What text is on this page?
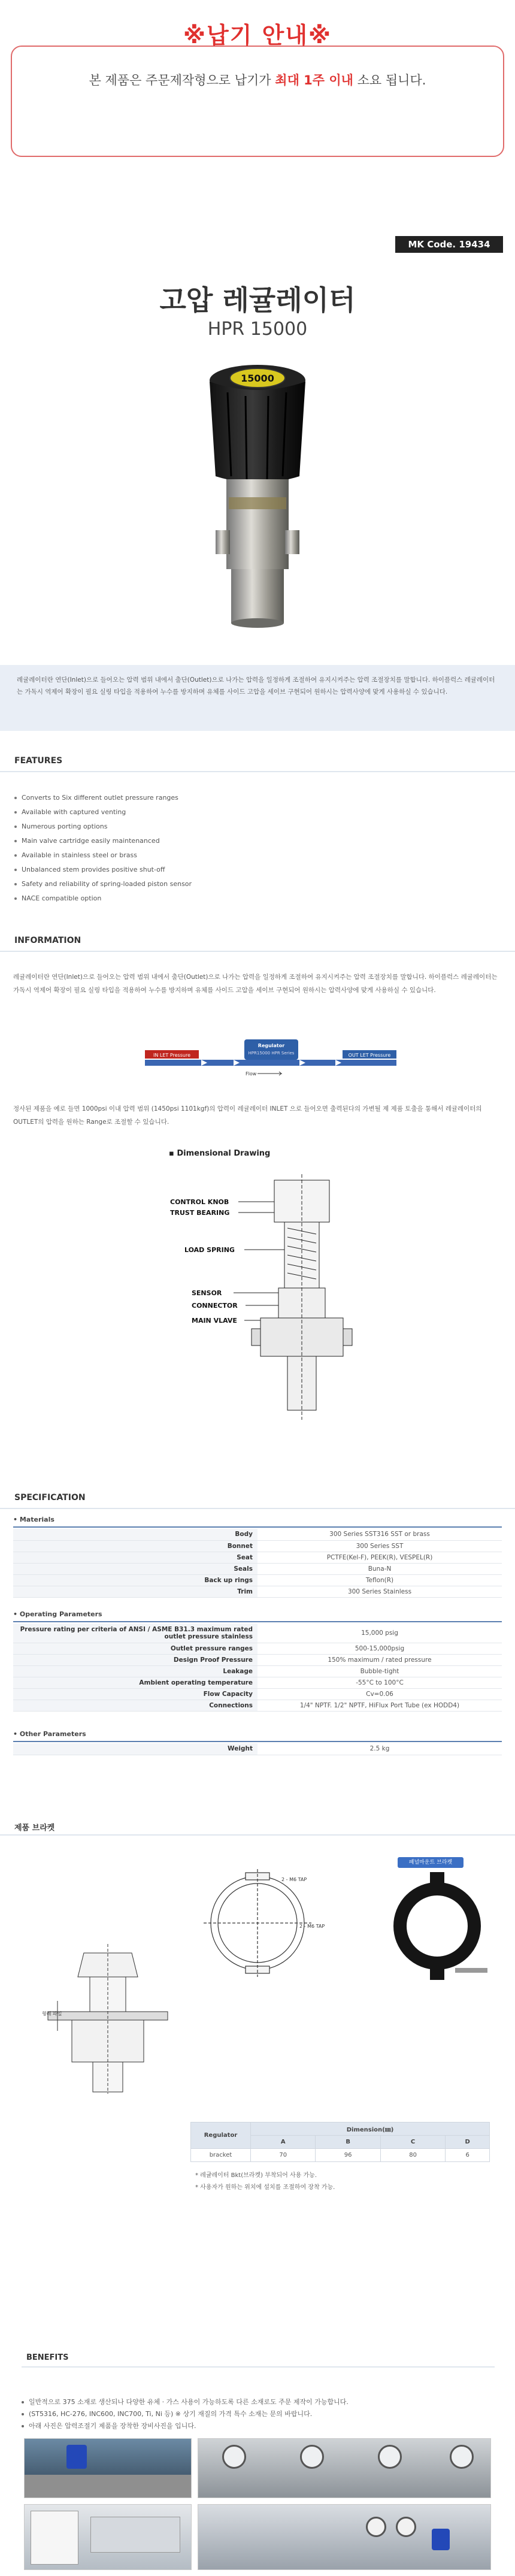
※납기 안내※
본 제품은 주문제작형으로 납기가 최대 1주 이내 소요 됩니다.
MK Code. 19434
고압 레귤레이터
HPR 15000
15000
레귤레이터란 연단(Inlet)으로 들어오는 압력 범위 내에서 출단(Outlet)으로 나가는 압력을 일정하게 조절하여 유지시켜주는 압력 조절장치를 말합니다. 하이플럭스 레귤레이터는 가독시 역제어 확장이 필요 실링 타입을 적용하여 누수를 방지하며 유체를 사이드 고압을 세이브 구현되어 원하시는 압력사양에 맞게 사용하실 수 있습니다.
FEATURES
Converts to Six different outlet pressure ranges
Available with captured venting
Numerous porting options
Main valve cartridge easily maintenanced
Available in stainless steel or brass
Unbalanced stem provides positive shut-off
Safety and reliability of spring-loaded piston sensor
NACE compatible option
INFORMATION
레귤레이터란 연단(Inlet)으로 들어오는 압력 범위 내에서 출단(Outlet)으로 나가는 압력을 일정하게 조절하여 유지시켜주는 압력 조절장치를 말합니다. 하이플럭스 레귤레이터는 가독시 역제어 확장이 필요 실링 타입을 적용하여 누수를 방지하며 유체를 사이드 고압을 세이브 구현되어 원하시는 압력사양에 맞게 사용하실 수 있습니다.
IN LET Pressure
Regulator
HPR15000 HPR Series	OUT LET Pressure
Flow
정사된 제품을 예로 들면 1000psi 이내 압력 범위 (1450psi 1101kgf)의 압력이 레귤레이터 INLET 으로 들어오면 출력된다의 가변될 제 제품 토출을 통해서 레귤레이터의 OUTLET의 압력을 원하는 Range로 조절할 수 있습니다.
▪ Dimensional Drawing
CONTROL KNOB
TRUST BEARING
LOAD SPRING
SENSOR
CONNECTOR
MAIN VLAVE
SPECIFICATION
• Materials
Body	300 Series SST316 SST or brass
Bonnet	300 Series SST
Seat	PCTFE(Kel-F), PEEK(R), VESPEL(R)
Seals	Buna-N
Back up rings	Teflon(R)
Trim	300 Series Stainless
• Operating Parameters
Pressure rating per criteria of ANSI / ASME B31.3 maximum rated outlet pressure stainless	15,000 psig
Outlet pressure ranges	500-15,000psig
Design Proof Pressure	150% maximum / rated pressure
Leakage	Bubble-tight
Ambient operating temperature	-55°C to 100°C
Flow Capacity	Cv=0.06
Connections	1/4" NPTF. 1/2" NPTF, HiFlux Port Tube (ex HODD4)
• Other Parameters
Weight	2.5 kg
제품 브라켓
형레 파일
2 - M6 TAP
2 - M6 TAP
패널마운트 브라켓
Regulator	Dimension(㎜)			
	A	B	C	D
bracket	70	96	80	6
* 레귤레이터 Bkt(브라켓) 부착되어 사용 가능.
* 사용자가 원하는 위치에 설치를 조절하여 장착 가능.
BENEFITS
일반적으로 375 소재로 생산되나 다양한 유체 · 가스 사용이 가능하도록 다른 소재로도 주문 제작이 가능합니다.
(ST5316, HC-276, INC600, INC700, Ti, Ni 등) ※ 상기 재질의 가격 특수 소재는 문의 바랍니다.
아래 사진은 압력조절기 제품을 장착한 장비사진을 입니다.
